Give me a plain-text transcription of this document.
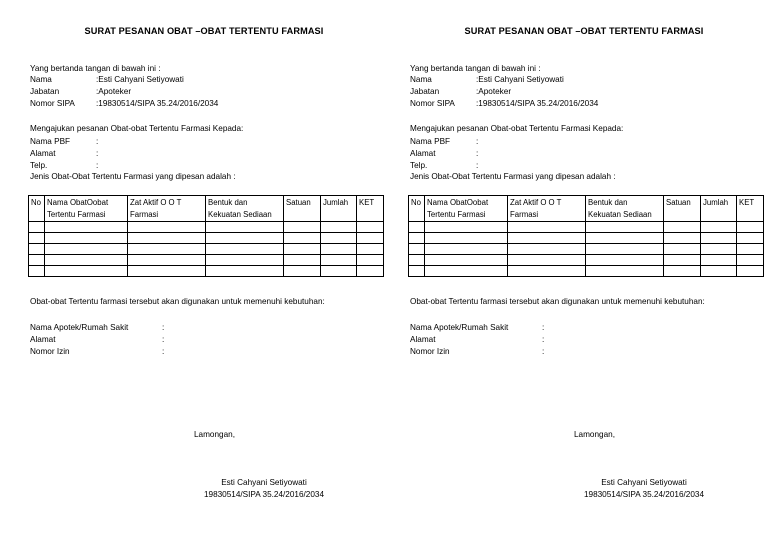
SURAT PESANAN OBAT –OBAT TERTENTU FARMASI
Yang bertanda tangan di bawah ini :
Nama	:Esti Cahyani Setiyowati
Jabatan	:Apoteker
Nomor SIPA	:19830514/SIPA 35.24/2016/2034
Mengajukan pesanan Obat-obat Tertentu Farmasi Kepada:
Nama PBF	:
Alamat	:
Telp.	:
Jenis Obat-Obat Tertentu Farmasi yang dipesan adalah :
No	Nama ObatOobat Tertentu Farmasi	Zat Aktif O O T Farmasi	Bentuk dan Kekuatan Sediaan	Satuan	Jumlah	KET

Obat-obat Tertentu farmasi tersebut akan digunakan untuk memenuhi kebutuhan:
Nama Apotek/Rumah Sakit	:
Alamat	:
Nomor Izin	:
Lamongan,
Esti Cahyani Setiyowati
19830514/SIPA 35.24/2016/2034
SURAT PESANAN OBAT –OBAT TERTENTU FARMASI
Yang bertanda tangan di bawah ini :
Nama	:Esti Cahyani Setiyowati
Jabatan	:Apoteker
Nomor SIPA	:19830514/SIPA 35.24/2016/2034
Mengajukan pesanan Obat-obat Tertentu Farmasi Kepada:
Nama PBF	:
Alamat	:
Telp.	:
Jenis Obat-Obat Tertentu Farmasi yang dipesan adalah :
No	Nama ObatOobat Tertentu Farmasi	Zat Aktif O O T Farmasi	Bentuk dan Kekuatan Sediaan	Satuan	Jumlah	KET

Obat-obat Tertentu farmasi tersebut akan digunakan untuk memenuhi kebutuhan:
Nama Apotek/Rumah Sakit	:
Alamat	:
Nomor Izin	:
Lamongan,
Esti Cahyani Setiyowati
19830514/SIPA 35.24/2016/2034
